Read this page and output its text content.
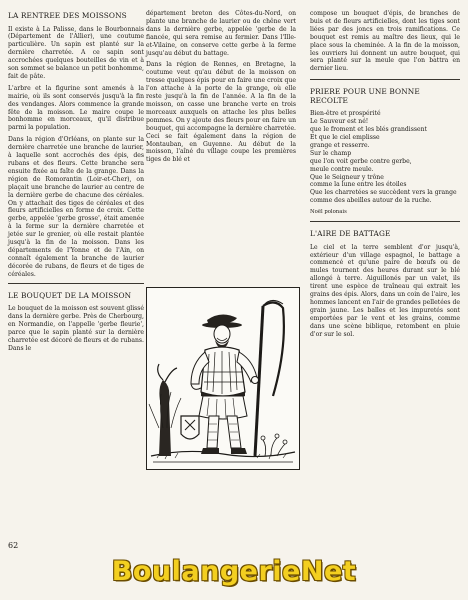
LA RENTREE DES MOISSONS

Il existe à La Palisse, dans le Bourbonnais (Département de l'Allier), une coutume particulière. Un sapin est planté sur la dernière charretée. A ce sapin sont accrochées quelques bouteilles de vin et à son sommet se balance un petit bonhomme, fait de pâte.

L'arbre et la figurine sont amenés à la mairie, où ils sont conservés jusqu'à la fin des vendanges. Alors commence la grande fête de la moisson. Le maire coupe le bonhomme en morceaux, qu'il distribue parmi la population.

Dans la région d'Orléans, on plante sur la dernière charretée une branche de laurier, à laquelle sont accrochés des épis, des rubans et des fleurs. Cette branche sera ensuite fixée au faîte de la grange. Dans la région de Romorantin (Loir-et-Cher), on plaçait une branche de laurier au centre de la dernière gerbe de chacune des céréales. On y attachait des tiges de céréales et des fleurs artificielles en forme de croix. Cette gerbe, appelée 'gerbe grosse', était amenée à la ferme sur la dernière charretée et jetée sur le grenier, où elle restait plantée jusqu'à la fin de la moisson. Dans les départements de l'Yonne et de l'Ain, on connaît également la branche de laurier décorée de rubans, de fleurs et de tiges de céréales.

LE BOUQUET DE LA MOISSON

Le bouquet de la moisson est souvent glissé dans la dernière gerbe. Près de Cherbourg, en Normandie, on l'appelle 'gerbe fleurie', parce que le sapin planté sur la dernière charretée est décoré de fleurs et de rubans. Dans le

département breton des Côtes-du-Nord, on plante une branche de laurier ou de chêne vert dans la dernière gerbe, appelée 'gerbe de la fiancée, qui sera remise au fermier. Dans l'Ille-et-Vilaine, on conserve cette gerbe à la ferme jusqu'au début du battage.

Dans la région de Rennes, en Bretagne, la coutume veut qu'au début de la moisson on tresse quelques épis pour en faire une croix que l'on attache à la porte de la grange, où elle reste jusqu'à la fin de l'année. A la fin de la moisson, on casse une branche verte en trois morceaux auxquels on attache les plus belles pommes. On y ajoute des fleurs pour en faire un bouquet, qui accompagne la dernière charretée. Ceci se fait également dans la région de Montauban, en Guyenne. Au début de la moisson, l'aîné du village coupe les premières tiges de blé et

compose un bouquet d'épis, de branches de buis et de fleurs artificielles, dont les tiges sont liées par des joncs en trois ramifications. Ce bouquet est remis au maître des lieux, qui le place sous la cheminée. A la fin de la moisson, les ouvriers lui donnent un autre bouquet, qui sera planté sur la meule que l'on battra en dernier lieu.

PRIERE POUR UNE BONNE RECOLTE

Bien-être et prospérité

Le Sauveur est né!

que le froment et les blés grandissent

Et que le ciel emplisse

grange et resserre.

Sur le champ

que l'on voit gerbe contre gerbe,

meule contre meule.

Que le Seigneur y trône

comme la lune entre les étoiles

Que les charretées se succèdent vers la grange

comme des abeilles autour de la ruche.

Noël polonais
L'AIRE DE BATTAGE

Le ciel et la terre semblent d'or jusqu'à, extérieur d'un village espagnol, le battage a commencé et qu'une paire de bœufs ou de mules tournent des heures durant sur le blé allongé à terre. Aiguillonés par un valet, ils tirent une espèce de traîneau qui extrait les grains des épis. Alors, dans un coin de l'aire, les hommes lancent en l'air de grandes pelletées de grain jaune. Les balles et les impuretés sont emportées par le vent et les grains, comme dans une scène biblique, retombent en pluie d'or sur le sol.

62
BoulangerieNet
